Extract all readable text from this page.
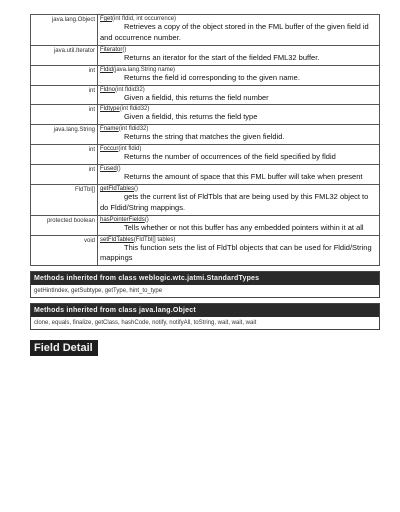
java.lang.Object	Fget(int fldid, int occurrence)
Retrieves a copy of the object stored in the FML buffer of the given field id and occurrence number.

java.util.Iterator	Fiterator()
Returns an iterator for the start of the fielded FML32 buffer.

int	Fldid(java.lang.String name)
Returns the field id corresponding to the given name.

int	Fldno(int fldid32)
Given a fieldid, this returns the field number

int	Fldtype(int fldid32)
Given a fieldid, this returns the field type

java.lang.String	Fname(int fldid32)
Returns the string that matches the given fieldid.

int	Foccur(int fldid)
Returns the number of occurrences of the field specified by fldid

int	Fused()
Returns the amount of space that this FML buffer will take when present

FldTbl[]	getFldTables()
gets the current list of FldTbls that are being used by this FML32 object to do Fldid/String mappings.

protected boolean	hasPointerFields()
Tells whether or not this buffer has any embedded pointers within it at all

void	setFldTables(FldTbl[] tables)
This function sets the list of FldTbl objects that can be used for Fldid/String mappings
Methods inherited from class weblogic.wtc.jatmi.StandardTypes
getHintIndex, getSubtype, getType, hint_to_type
Methods inherited from class java.lang.Object
clone, equals, finalize, getClass, hashCode, notify, notifyAll, toString, wait, wait, wait
Field Detail
